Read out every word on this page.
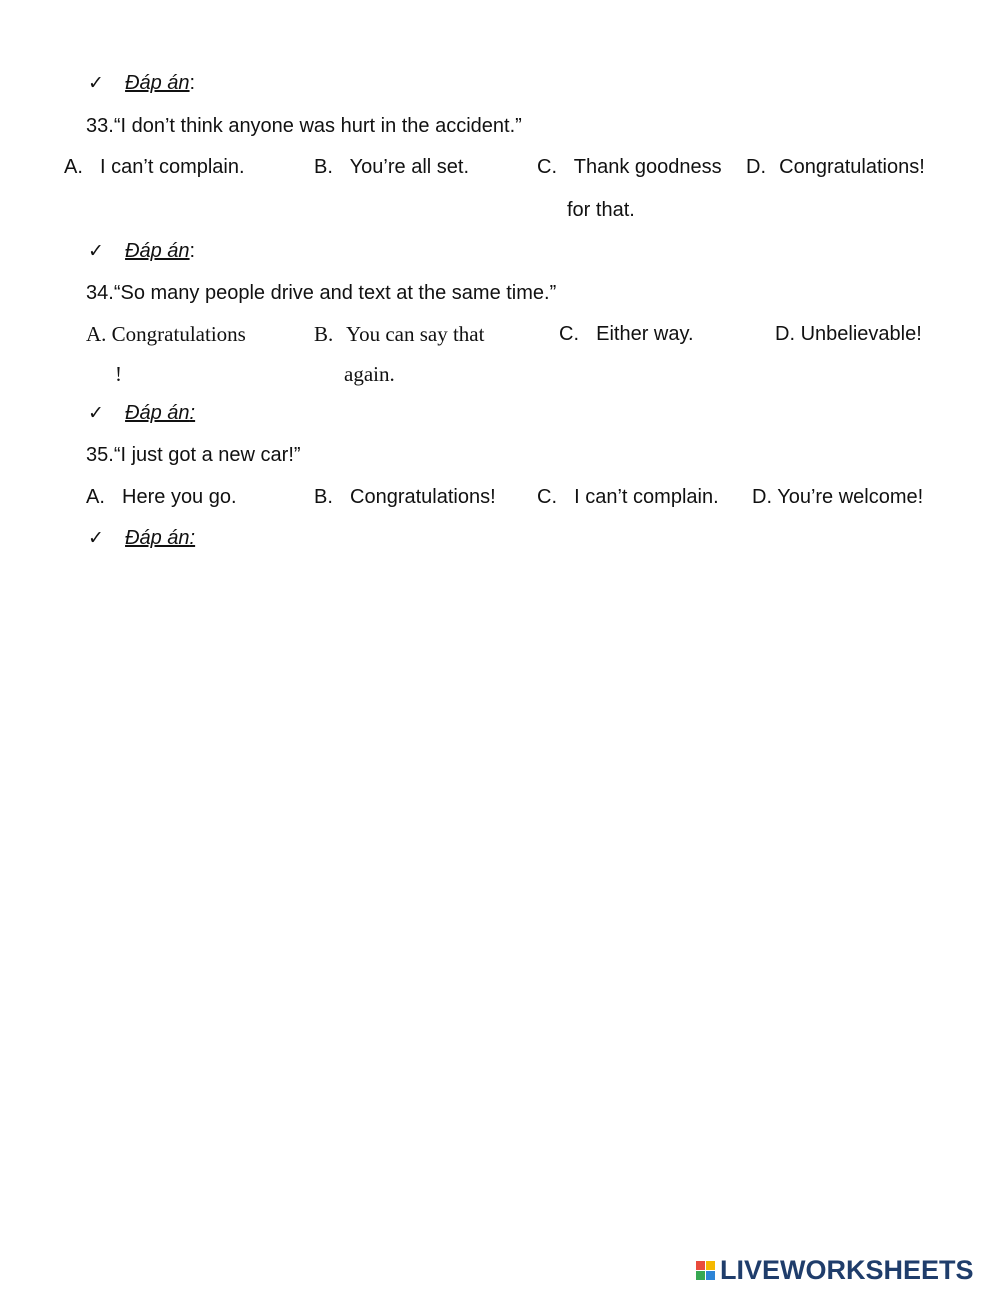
✓ Đáp án:
33.“I don’t think anyone was hurt in the accident.”
A. I can’t complain.	B. You’re all set.	C. Thank goodness
for that.
D. Congratulations!
✓ Đáp án:
34.“So many people drive and text at the same time.”
A. Congratulations
!
B. You can say that
again.
C. Either way.	D. Unbelievable!
✓ Đáp án:
35.“I just got a new car!”
A. Here you go.	B. Congratulations! C. I can’t complain. D. You’re welcome!
✓ Đáp án:
LIVEWORKSHEETS
